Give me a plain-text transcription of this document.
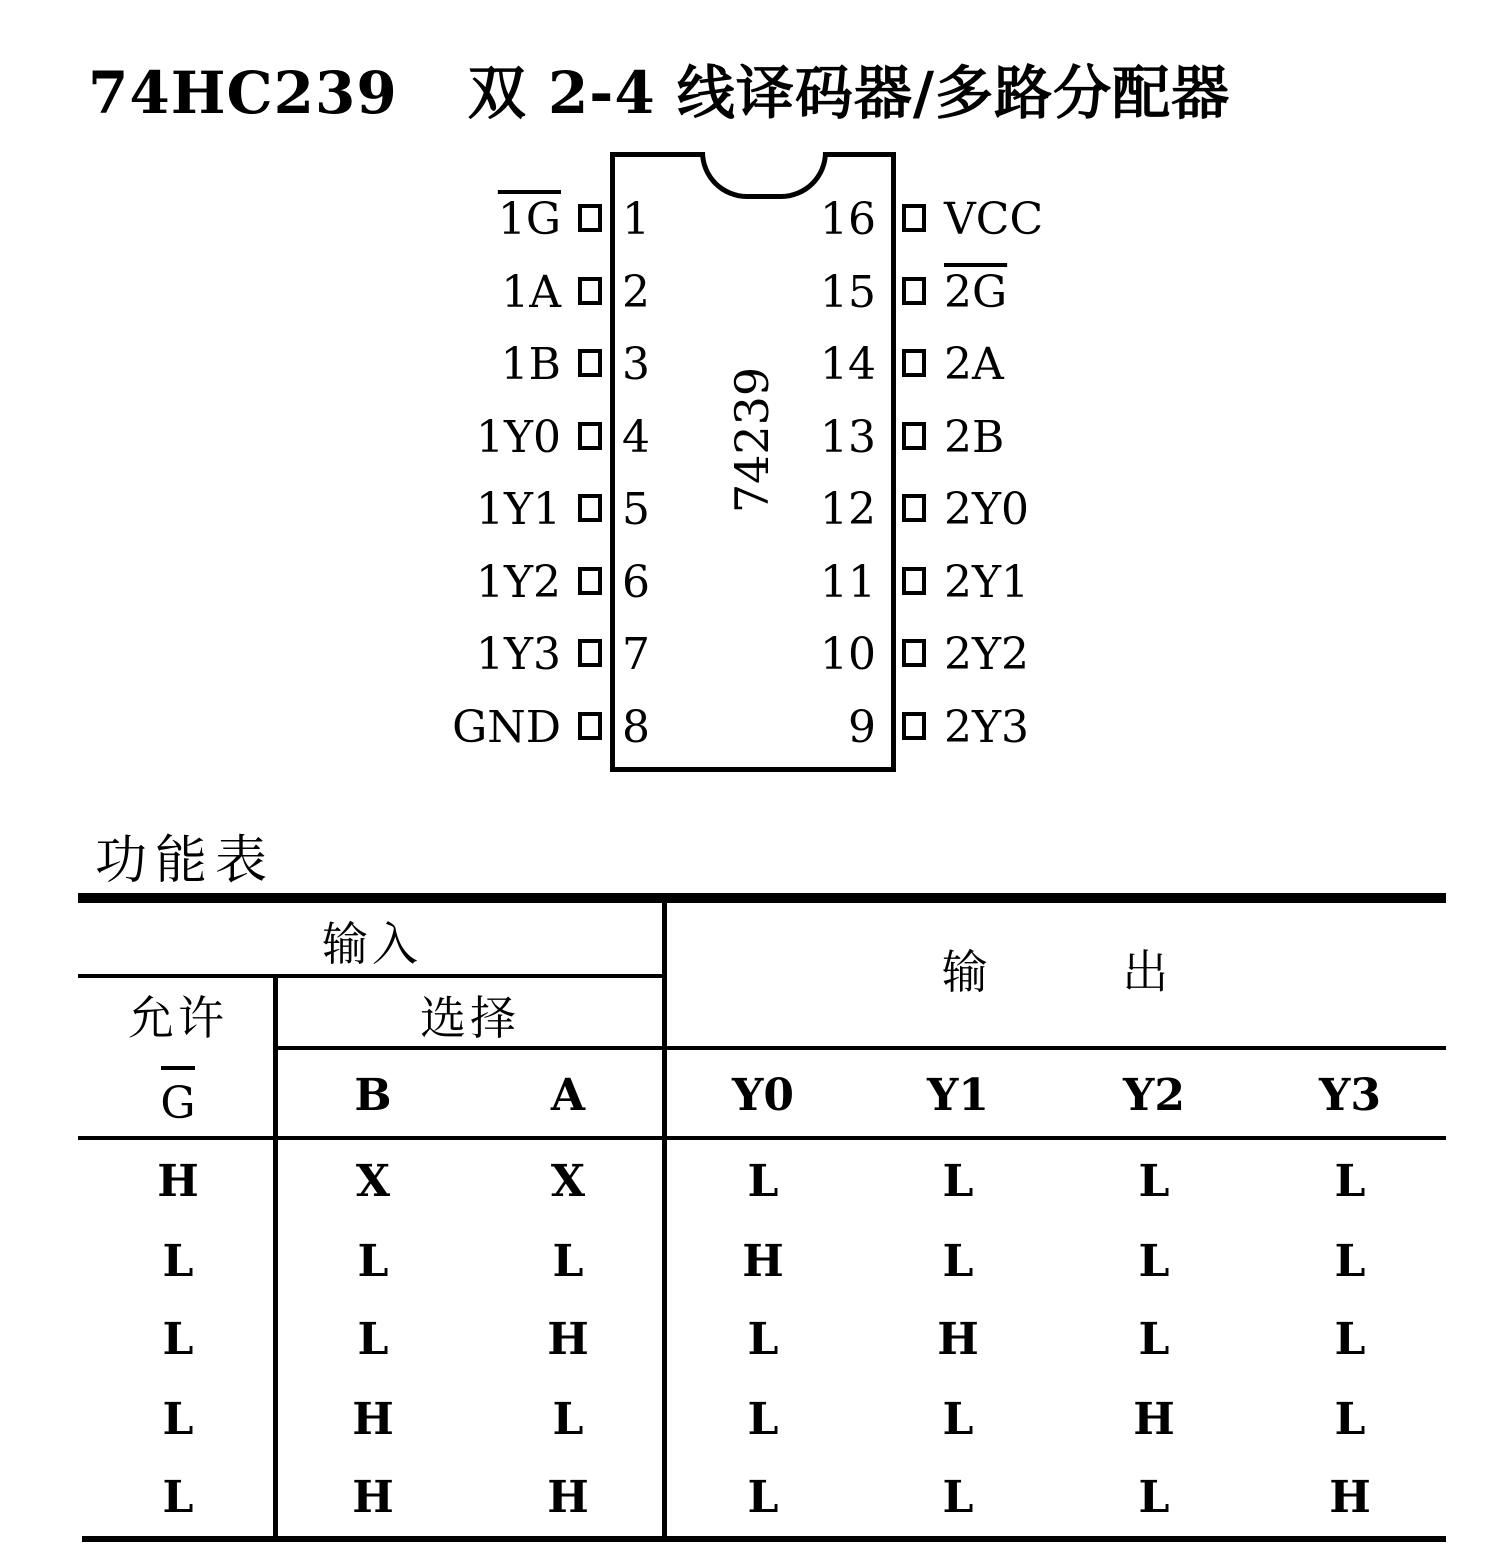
74HC239 双 2-4 线译码器/多路分配器
74239
1
1G
2
1A
3
1B
4
1Y0
5
1Y1
6
1Y2
7
1Y3
8
GND
16 VCC
15 2G
14 2A
13 2B
12 2Y0
11 2Y1
10 2Y2
9 2Y3
功能表
输入
输 出
允许	选择
G	B	A	Y0	Y1	Y2	Y3
H	X	X	L	L	L	L
L	L	L	H	L	L	L
L	L	H	L	H	L	L
L	H	L	L	L	H	L
L	H	H	L	L	L	H
